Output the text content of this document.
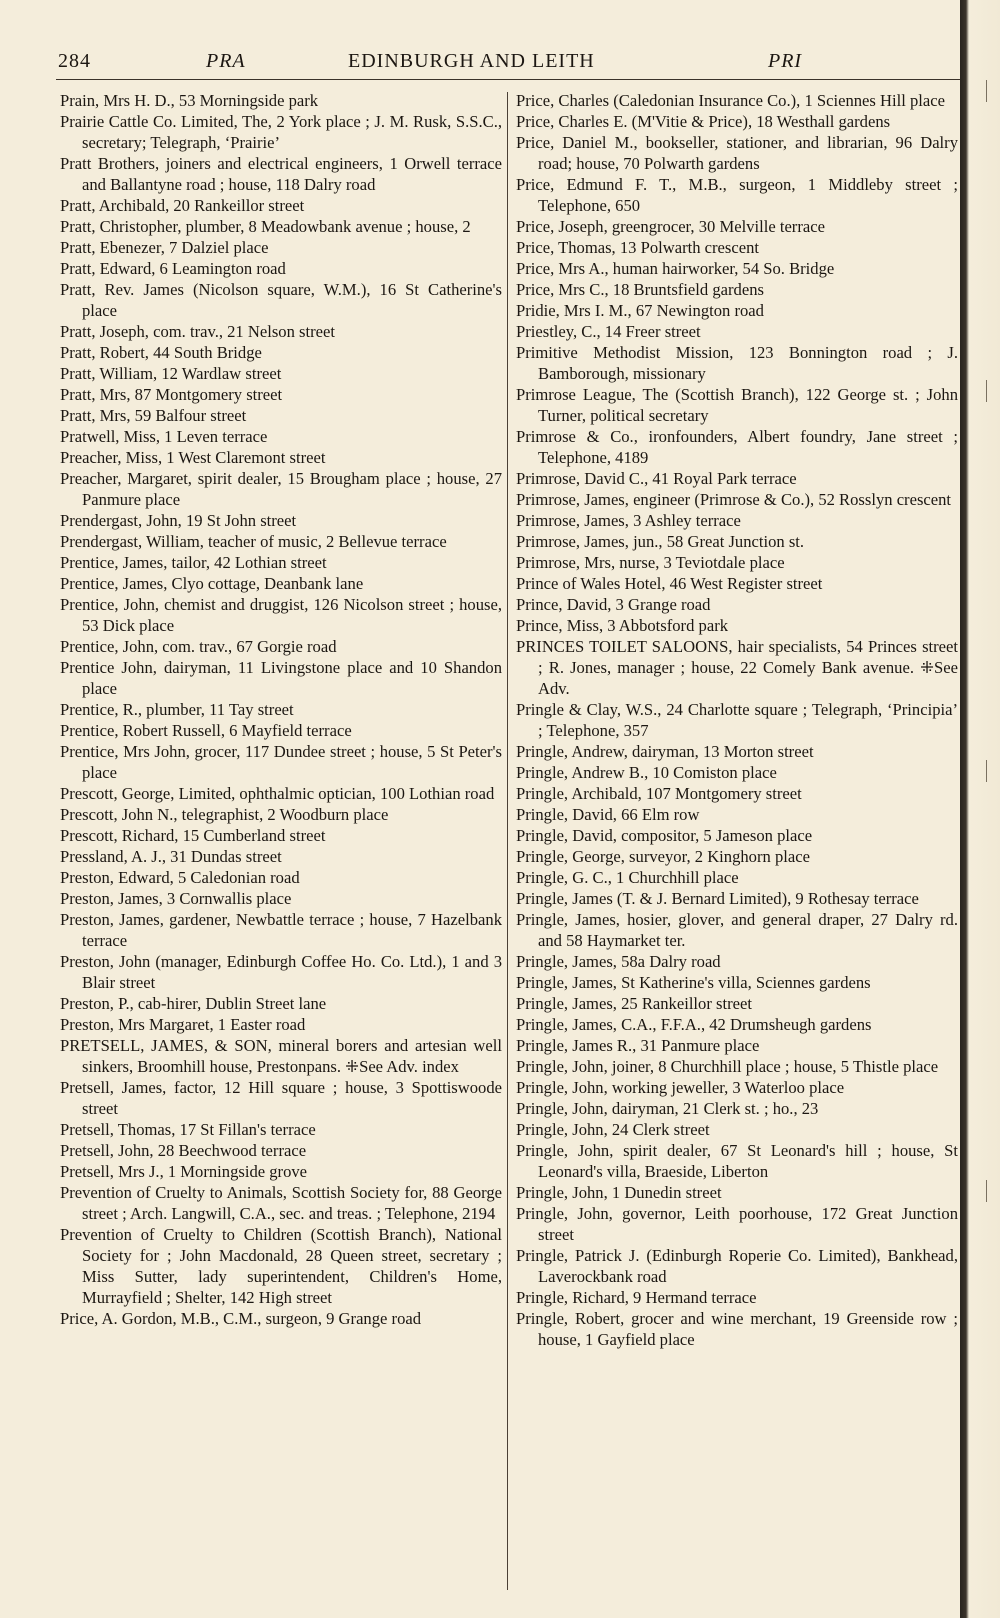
284	PRA	EDINBURGH AND LEITH	PRI

Prain, Mrs H. D., 53 Morningside park

Prairie Cattle Co. Limited, The, 2 York place ; J. M. Rusk, S.S.C., secretary; Telegraph, ‘Prairie’

Pratt Brothers, joiners and electrical engineers, 1 Orwell terrace and Ballantyne road ; house, 118 Dalry road

Pratt, Archibald, 20 Rankeillor street

Pratt, Christopher, plumber, 8 Meadowbank avenue ; house, 2

Pratt, Ebenezer, 7 Dalziel place

Pratt, Edward, 6 Leamington road

Pratt, Rev. James (Nicolson square, W.M.), 16 St Catherine's place

Pratt, Joseph, com. trav., 21 Nelson street

Pratt, Robert, 44 South Bridge

Pratt, William, 12 Wardlaw street

Pratt, Mrs, 87 Montgomery street

Pratt, Mrs, 59 Balfour street

Pratwell, Miss, 1 Leven terrace

Preacher, Miss, 1 West Claremont street

Preacher, Margaret, spirit dealer, 15 Brougham place ; house, 27 Panmure place

Prendergast, John, 19 St John street

Prendergast, William, teacher of music, 2 Bellevue terrace

Prentice, James, tailor, 42 Lothian street

Prentice, James, Clyo cottage, Deanbank lane

Prentice, John, chemist and druggist, 126 Nicolson street ; house, 53 Dick place

Prentice, John, com. trav., 67 Gorgie road

Prentice John, dairyman, 11 Livingstone place and 10 Shandon place

Prentice, R., plumber, 11 Tay street

Prentice, Robert Russell, 6 Mayfield terrace

Prentice, Mrs John, grocer, 117 Dundee street ; house, 5 St Peter's place

Prescott, George, Limited, ophthalmic optician, 100 Lothian road

Prescott, John N., telegraphist, 2 Woodburn place

Prescott, Richard, 15 Cumberland street

Pressland, A. J., 31 Dundas street

Preston, Edward, 5 Caledonian road

Preston, James, 3 Cornwallis place

Preston, James, gardener, Newbattle terrace ; house, 7 Hazelbank terrace

Preston, John (manager, Edinburgh Coffee Ho. Co. Ltd.), 1 and 3 Blair street

Preston, P., cab-hirer, Dublin Street lane

Preston, Mrs Margaret, 1 Easter road

PRETSELL, JAMES, & SON, mineral borers and artesian well sinkers, Broomhill house, Prestonpans. ⁜See Adv. index

Pretsell, James, factor, 12 Hill square ; house, 3 Spottiswoode street

Pretsell, Thomas, 17 St Fillan's terrace

Pretsell, John, 28 Beechwood terrace

Pretsell, Mrs J., 1 Morningside grove

Prevention of Cruelty to Animals, Scottish Society for, 88 George street ; Arch. Langwill, C.A., sec. and treas. ; Telephone, 2194

Prevention of Cruelty to Children (Scottish Branch), National Society for ; John Macdonald, 28 Queen street, secretary ; Miss Sutter, lady superintendent, Children's Home, Murrayfield ; Shelter, 142 High street

Price, A. Gordon, M.B., C.M., surgeon, 9 Grange road

Price, Charles (Caledonian Insurance Co.), 1 Sciennes Hill place

Price, Charles E. (M'Vitie & Price), 18 Westhall gardens

Price, Daniel M., bookseller, stationer, and librarian, 96 Dalry road; house, 70 Polwarth gardens

Price, Edmund F. T., M.B., surgeon, 1 Middleby street ; Telephone, 650

Price, Joseph, greengrocer, 30 Melville terrace

Price, Thomas, 13 Polwarth crescent

Price, Mrs A., human hairworker, 54 So. Bridge

Price, Mrs C., 18 Bruntsfield gardens

Pridie, Mrs I. M., 67 Newington road

Priestley, C., 14 Freer street

Primitive Methodist Mission, 123 Bonnington road ; J. Bamborough, missionary

Primrose League, The (Scottish Branch), 122 George st. ; John Turner, political secretary

Primrose & Co., ironfounders, Albert foundry, Jane street ; Telephone, 4189

Primrose, David C., 41 Royal Park terrace

Primrose, James, engineer (Primrose & Co.), 52 Rosslyn crescent

Primrose, James, 3 Ashley terrace

Primrose, James, jun., 58 Great Junction st.

Primrose, Mrs, nurse, 3 Teviotdale place

Prince of Wales Hotel, 46 West Register street

Prince, David, 3 Grange road

Prince, Miss, 3 Abbotsford park

PRINCES TOILET SALOONS, hair specialists, 54 Princes street ; R. Jones, manager ; house, 22 Comely Bank avenue. ⁜See Adv.

Pringle & Clay, W.S., 24 Charlotte square ; Telegraph, ‘Principia’ ; Telephone, 357

Pringle, Andrew, dairyman, 13 Morton street

Pringle, Andrew B., 10 Comiston place

Pringle, Archibald, 107 Montgomery street

Pringle, David, 66 Elm row

Pringle, David, compositor, 5 Jameson place

Pringle, George, surveyor, 2 Kinghorn place

Pringle, G. C., 1 Churchhill place

Pringle, James (T. & J. Bernard Limited), 9 Rothesay terrace

Pringle, James, hosier, glover, and general draper, 27 Dalry rd. and 58 Haymarket ter.

Pringle, James, 58a Dalry road

Pringle, James, St Katherine's villa, Sciennes gardens

Pringle, James, 25 Rankeillor street

Pringle, James, C.A., F.F.A., 42 Drumsheugh gardens

Pringle, James R., 31 Panmure place

Pringle, John, joiner, 8 Churchhill place ; house, 5 Thistle place

Pringle, John, working jeweller, 3 Waterloo place

Pringle, John, dairyman, 21 Clerk st. ; ho., 23

Pringle, John, 24 Clerk street

Pringle, John, spirit dealer, 67 St Leonard's hill ; house, St Leonard's villa, Braeside, Liberton

Pringle, John, 1 Dunedin street

Pringle, John, governor, Leith poorhouse, 172 Great Junction street

Pringle, Patrick J. (Edinburgh Roperie Co. Limited), Bankhead, Laverockbank road

Pringle, Richard, 9 Hermand terrace

Pringle, Robert, grocer and wine merchant, 19 Greenside row ; house, 1 Gayfield place
